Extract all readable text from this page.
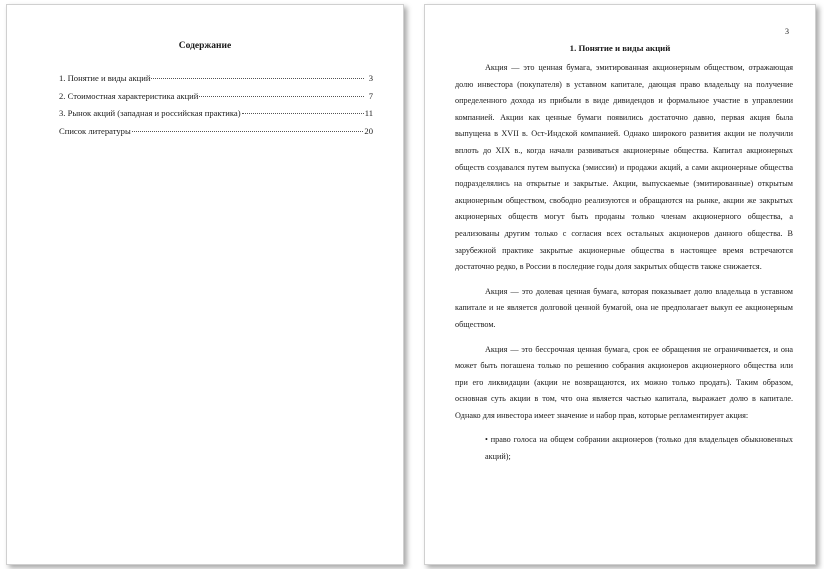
Содержание
1. Понятие и виды акций	3
2. Стоимостная характеристика акций	7
3. Рынок акций (западная и российская практика)	11
Список литературы	20
3
1. Понятие и виды акций

Акция — это ценная бумага, эмитированная акционерным обществом, отражающая долю инвестора (покупателя) в уставном капитале, дающая право владельцу на получение определенного дохода из прибыли в виде дивидендов и формальное участие в управлении компанией. Акции как ценные бумаги появились достаточно давно, первая акция была выпущена в XVII в. Ост-Индской компанией. Однако широкого развития акции не получили вплоть до XIX в., когда начали развиваться акционерные общества. Капитал акционерных обществ создавался путем выпуска (эмиссии) и продажи акций, а сами акционерные общества подразделялись на открытые и закрытые. Акции, выпускаемые (эмитированные) открытым акционерным обществом, свободно реализуются и обращаются на рынке, акции же закрытых акционерных обществ могут быть проданы только членам акционерного общества, а реализованы другим только с согласия всех остальных акционеров данного общества. В зарубежной практике закрытые акционерные общества в настоящее время встречаются достаточно редко, в России в последние годы доля закрытых обществ также снижается.

Акция — это долевая ценная бумага, которая показывает долю владельца в уставном капитале и не является долговой ценной бумагой, она не предполагает выкуп ее акционерным обществом.

Акция — это бессрочная ценная бумага, срок ее обращения не ограничивается, и она может быть погашена только по решению собрания акционеров акционерного общества или при его ликвидации (акции не возвращаются, их можно только продать). Таким образом, основная суть акции в том, что она является частью капитала, выражает долю в капитале. Однако для инвестора имеет значение и набор прав, которые регламентирует акция:

• право голоса на общем собрании акционеров (только для владельцев обыкновенных акций);
